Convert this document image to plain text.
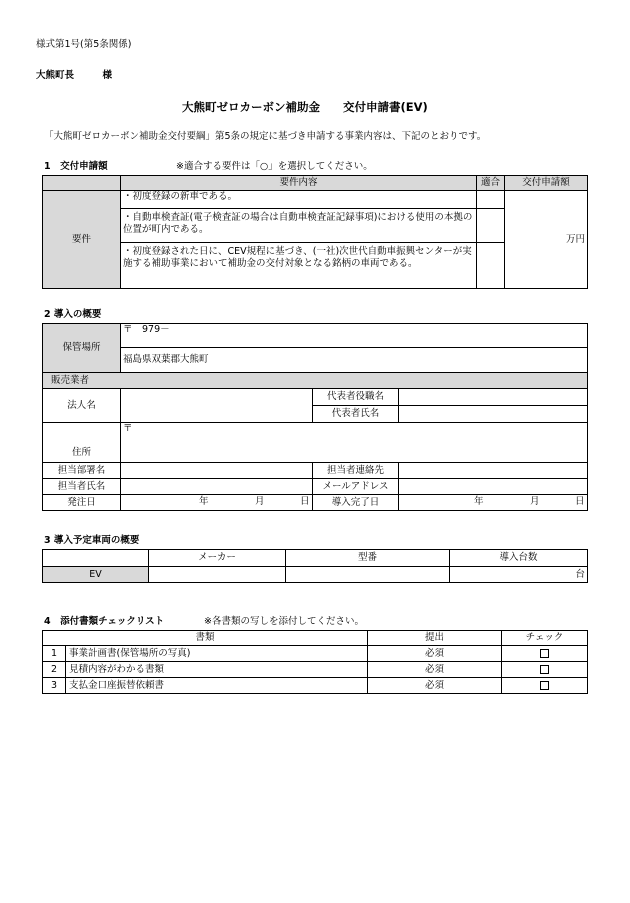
様式第1号(第5条関係)
大熊町長　　　様
大熊町ゼロカーボン補助金　　交付申請書(EV)
「大熊町ゼロカーボン補助金交付要綱」第5条の規定に基づき申請する事業内容は、下記のとおりです。
1　交付申請額	※適合する要件は「○」を選択してください。
	要件内容	適合	交付申請額
要件	・初度登録の新車である。		万円
	・自動車検査証(電子検査証の場合は自動車検査証記録事項)における使用の本拠の位置が町内である。		
	・初度登録された日に、CEV規程に基づき、(一社)次世代自動車振興センターが実施する補助事業において補助金の交付対象となる銘柄の車両である。		
2 導入の概要
保管場所	〒　979－		
	福島県双葉郡大熊町		
販売業者			
法人名		代表者役職名	
		代表者氏名	
住所	〒		
担当部署名		担当者連絡先	
担当者氏名		メールアドレス	
発注日	年 月 日	導入完了日	年 月 日
3 導入予定車両の概要
	メーカー	型番	導入台数
EV			台
4　添付書類チェックリスト	※各書類の写しを添付してください。
書類	提出	チェック
1 事業計画書(保管場所の写真)	必須	
2 見積内容がわかる書類	必須	
3 支払金口座振替依頼書	必須	
